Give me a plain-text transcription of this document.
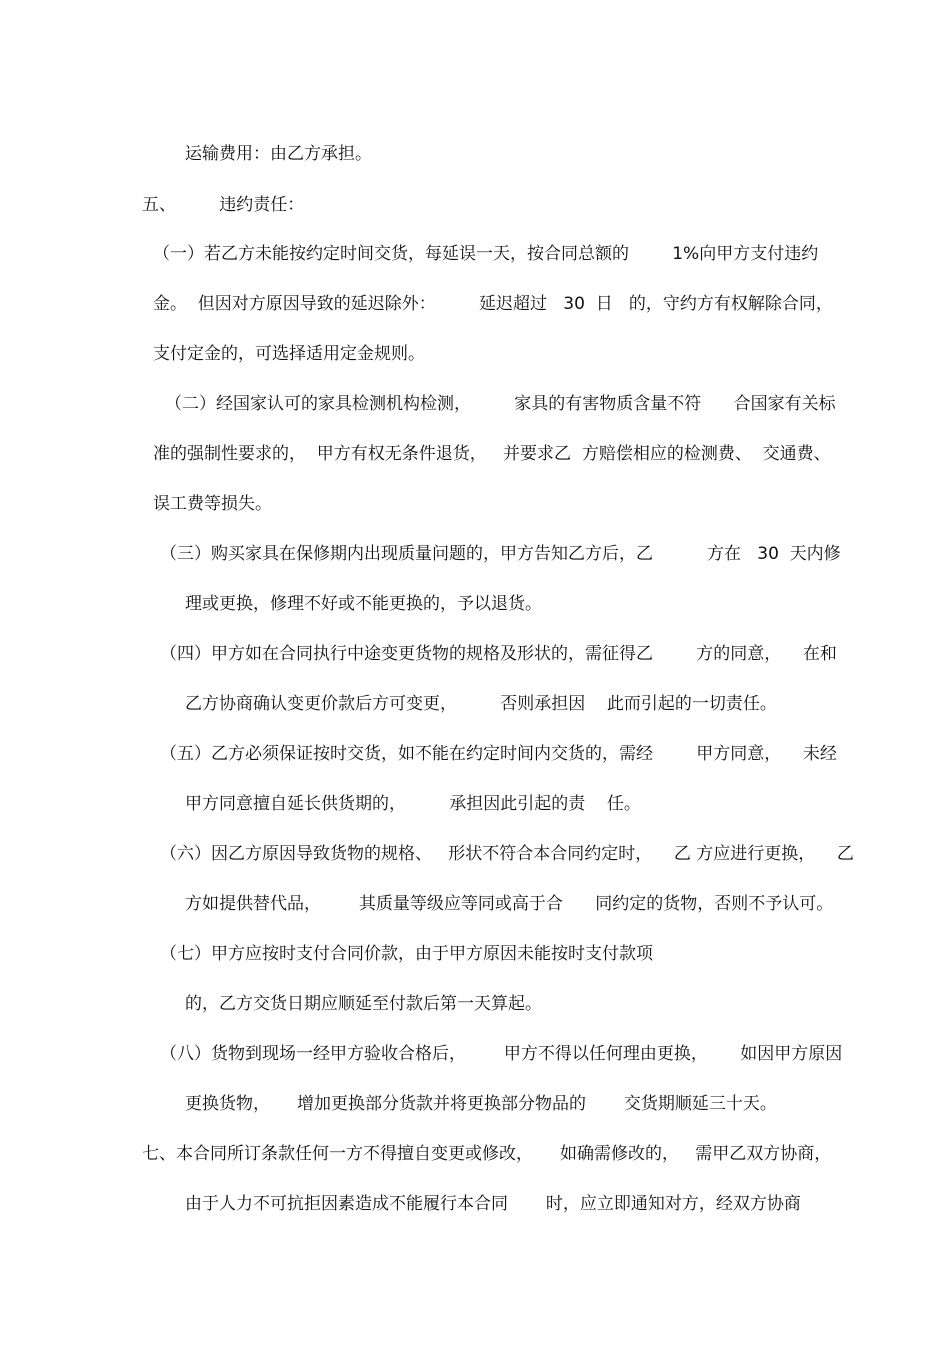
运输费用：由乙方承担。
五、        违约责任：
（一）若乙方未能按约定时间交货，每延误一天，按合同总额的        1%向甲方支付违约
金。  但因对方原因导致的延迟除外：        延迟超过   30  日   的，守约方有权解除合同，
支付定金的，可选择适用定金规则。
（二）经国家认可的家具检测机构检测，        家具的有害物质含量不符      合国家有关标
准的强制性要求的，  甲方有权无条件退货，   并要求乙  方赔偿相应的检测费、  交通费、
误工费等损失。
（三）购买家具在保修期内出现质量问题的，甲方告知乙方后，乙          方在   30  天内修
理或更换，修理不好或不能更换的，予以退货。
（四）甲方如在合同执行中途变更货物的规格及形状的，需征得乙        方的同意，    在和
乙方协商确认变更价款后方可变更，        否则承担因    此而引起的一切责任。
（五）乙方必须保证按时交货，如不能在约定时间内交货的，需经        甲方同意，    未经
甲方同意擅自延长供货期的，        承担因此引起的责    任。
（六）因乙方原因导致货物的规格、   形状不符合本合同约定时，    乙 方应进行更换，    乙
方如提供替代品，       其质量等级应等同或高于合      同约定的货物，否则不予认可。
（七）甲方应按时支付合同价款，由于甲方原因未能按时支付款项
的，乙方交货日期应顺延至付款后第一天算起。
（八）货物到现场一经甲方验收合格后，       甲方不得以任何理由更换，      如因甲方原因
更换货物，     增加更换部分货款并将更换部分物品的       交货期顺延三十天。
七、本合同所订条款任何一方不得擅自变更或修改，     如确需修改的，   需甲乙双方协商，
由于人力不可抗拒因素造成不能履行本合同       时，应立即通知对方，经双方协商
